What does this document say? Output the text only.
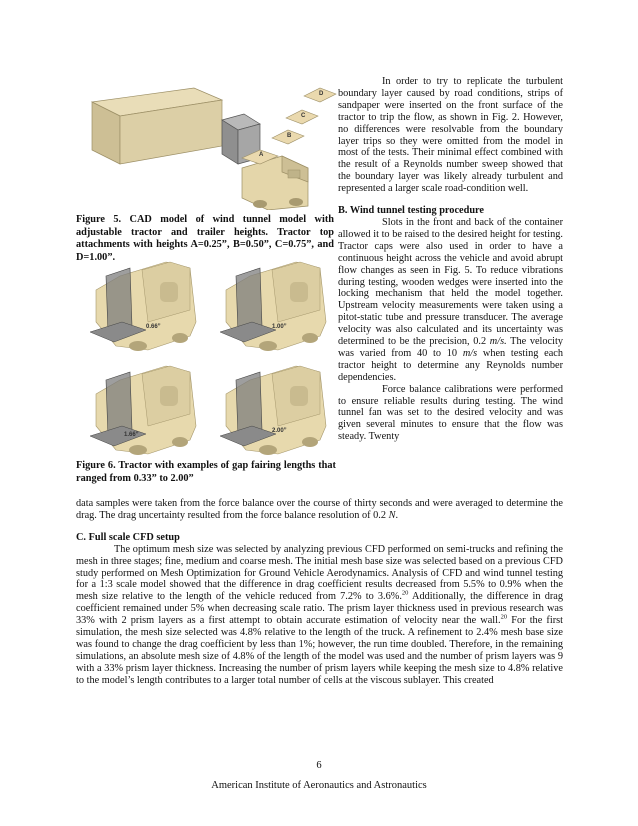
A
B
C
D
Figure 5. CAD model of wind tunnel model with adjustable tractor and trailer heights. Tractor top attachments with heights A=0.25”, B=0.50”, C=0.75”, and D=1.00”.
0.66”	1.00”
1.66”
2.00”
Figure 6. Tractor with examples of gap fairing lengths that ranged from 0.33” to 2.00”

In order to try to replicate the turbulent boundary layer caused by road conditions, strips of sandpaper were inserted on the front surface of the tractor to trip the flow, as shown in Fig. 2. However, no differences were resolvable from the boundary layer trips so they were omitted from the model in most of the tests. Their minimal effect combined with the result of a Reynolds number sweep showed that the boundary layer was likely already turbulent and represented a larger scale road-condition well.

B. Wind tunnel testing procedure

Slots in the front and back of the container allowed it to be raised to the desired height for testing. Tractor caps were also used in order to have a continuous height across the vehicle and avoid abrupt flow changes as seen in Fig. 5. To reduce vibrations during testing, wooden wedges were inserted into the locking mechanism that held the model together. Upstream velocity measurements were taken using a pitot-static tube and pressure transducer. The average velocity was also calculated and its uncertainty was determined to be the precision, 0.2 m/s. The velocity was varied from 40 to 10 m/s when testing each tractor height to determine any Reynolds number dependencies.

Force balance calibrations were performed to ensure reliable results during testing. The wind tunnel fan was set to the desired velocity and was given several minutes to ensure that the flow was steady. Twenty

data samples were taken from the force balance over the course of thirty seconds and were averaged to determine the drag. The drag uncertainty resulted from the force balance resolution of 0.2 N.

C. Full scale CFD setup

The optimum mesh size was selected by analyzing previous CFD performed on semi-trucks and refining the mesh in three stages; fine, medium and coarse mesh. The initial mesh base size was selected based on a previous CFD study performed on Mesh Optimization for Ground Vehicle Aerodynamics. Analysis of CFD and wind tunnel testing for a 1:3 scale model showed that the difference in drag coefficient results decreased from 5.5% to 0.9% when the mesh size relative to the length of the vehicle reduced from 7.2% to 3.6%.$^{20}$ Additionally, the difference in drag coefficient remained under 5% when decreasing scale ratio. The prism layer thickness used in previous research was 33% with 2 prism layers as a first attempt to obtain accurate estimation of velocity near the wall.$^{20}$ For the first simulation, the mesh size selected was 4.8% relative to the length of the truck. A refinement to 2.4% mesh base size was found to change the drag coefficient by less than 1%; however, the run time doubled. Therefore, in the remaining simulations, an absolute mesh size of 4.8% of the length of the model was used and the number of prism layers was 9 with a 33% prism layer thickness. Increasing the number of prism layers while keeping the mesh size to 4.8% relative to the model’s length contributes to a larger total number of cells at the viscous sublayer. This created

6
American Institute of Aeronautics and Astronautics
